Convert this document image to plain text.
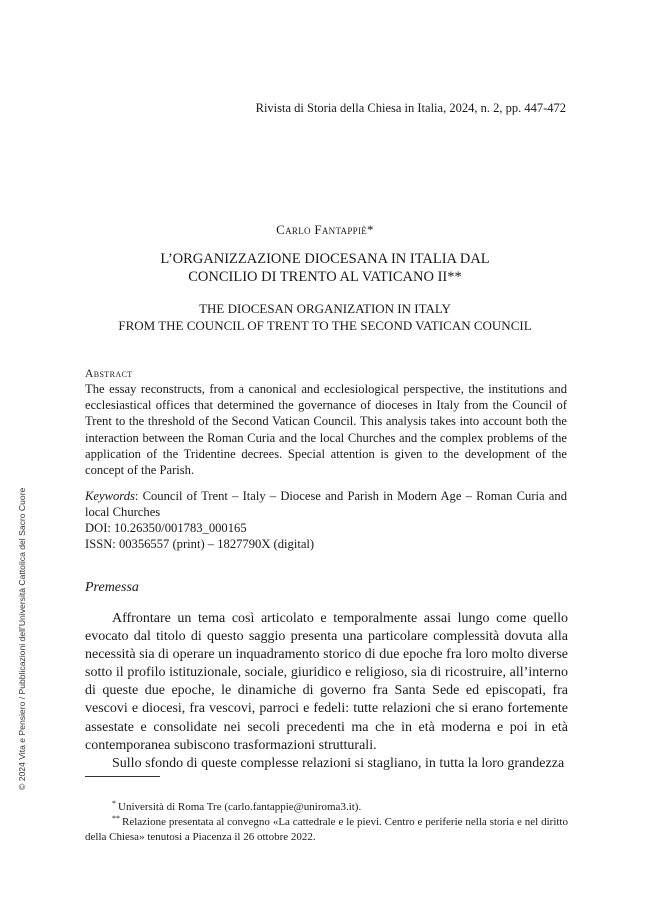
Rivista di Storia della Chiesa in Italia, 2024, n. 2, pp. 447-472
Carlo Fantappiè*
L’ORGANIZZAZIONE DIOCESANA IN ITALIA DAL
CONCILIO DI TRENTO AL VATICANO II**
THE DIOCESAN ORGANIZATION IN ITALY
FROM THE COUNCIL OF TRENT TO THE SECOND VATICAN COUNCIL
Abstract
The essay reconstructs, from a canonical and ecclesiological perspective, the institutions and ecclesiastical offices that determined the governance of dioceses in Italy from the Council of Trent to the threshold of the Second Vatican Council. This analysis takes into account both the interaction between the Roman Curia and the local Churches and the complex problems of the application of the Tridentine decrees. Special attention is given to the development of the concept of the Parish.
Keywords: Council of Trent – Italy – Diocese and Parish in Modern Age – Roman Curia and local Churches
DOI: 10.26350/001783_000165
ISSN: 00356557 (print) – 1827790X (digital)
Premessa

Affrontare un tema così articolato e temporalmente assai lungo come quello evocato dal titolo di questo saggio presenta una particolare complessità dovuta alla necessità sia di operare un inquadramento storico di due epoche fra loro molto diverse sotto il profilo istituzionale, sociale, giuridico e religioso, sia di ricostruire, all’interno di queste due epoche, le dinamiche di governo fra Santa Sede ed episcopati, fra vescovi e diocesi, fra vescovi, parroci e fedeli: tutte relazioni che si erano fortemente assestate e consolidate nei secoli precedenti ma che in età moderna e poi in età contemporanea subiscono trasformazioni strutturali.

Sullo sfondo di queste complesse relazioni si stagliano, in tutta la loro grandezza

* Università di Roma Tre (carlo.fantappie@uniroma3.it).
** Relazione presentata al convegno «La cattedrale e le pievi. Centro e periferie nella storia e nel diritto della Chiesa» tenutosi a Piacenza il 26 ottobre 2022.
© 2024 Vita e Pensiero / Pubblicazioni dell’Università Cattolica del Sacro Cuore
